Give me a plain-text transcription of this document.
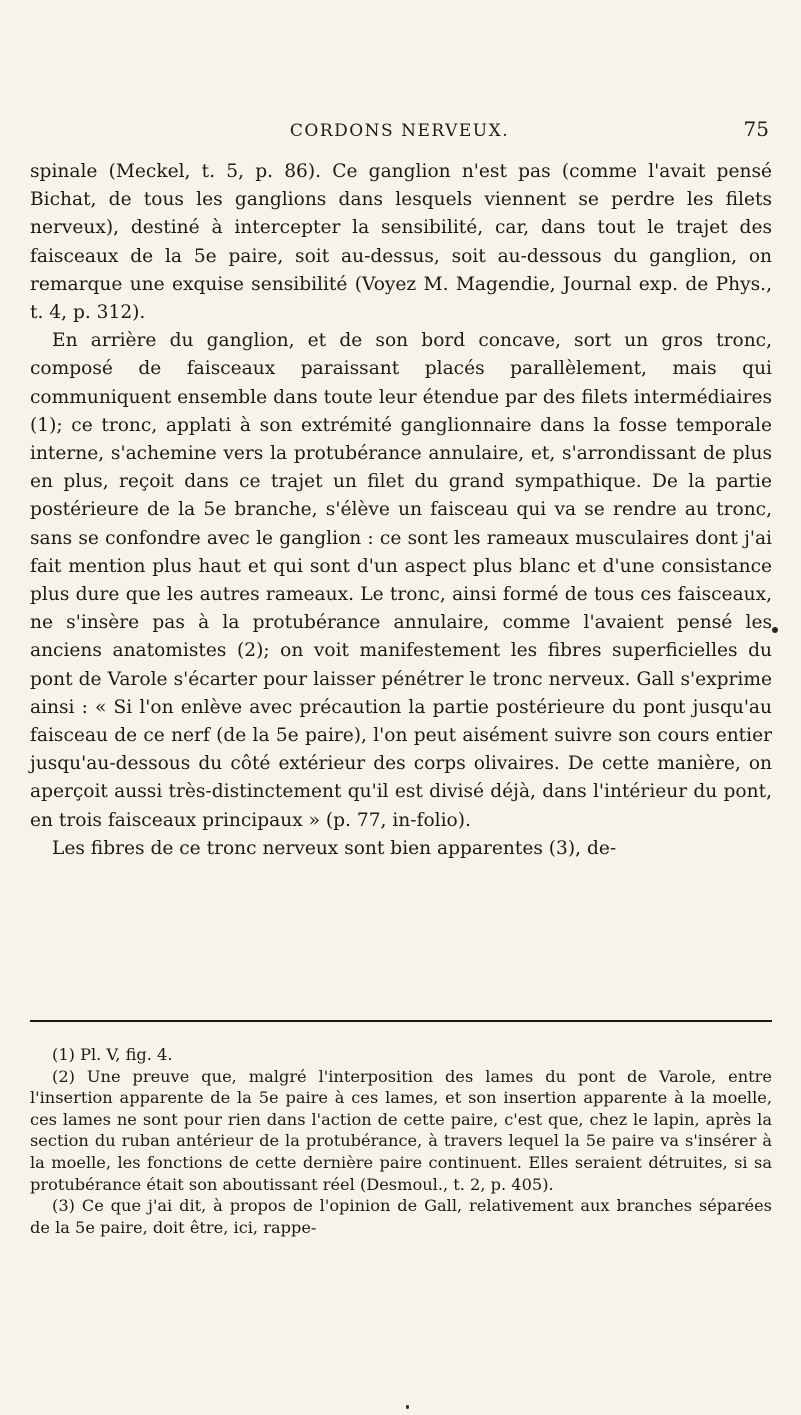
CORDONS NERVEUX.	75

spinale (Meckel, t. 5, p. 86). Ce ganglion n'est pas (comme l'avait pensé Bichat, de tous les ganglions dans lesquels viennent se perdre les filets nerveux), destiné à intercepter la sensibilité, car, dans tout le trajet des faisceaux de la 5e paire, soit au-dessus, soit au-dessous du ganglion, on remarque une exquise sensibilité (Voyez M. Magendie, Journal exp. de Phys., t. 4, p. 312).

En arrière du ganglion, et de son bord concave, sort un gros tronc, composé de faisceaux paraissant placés parallèlement, mais qui communiquent ensemble dans toute leur étendue par des filets intermédiaires (1); ce tronc, applati à son extrémité ganglionnaire dans la fosse temporale interne, s'achemine vers la protubérance annulaire, et, s'arrondissant de plus en plus, reçoit dans ce trajet un filet du grand sympathique. De la partie postérieure de la 5e branche, s'élève un faisceau qui va se rendre au tronc, sans se confondre avec le ganglion : ce sont les rameaux musculaires dont j'ai fait mention plus haut et qui sont d'un aspect plus blanc et d'une consistance plus dure que les autres rameaux. Le tronc, ainsi formé de tous ces faisceaux, ne s'insère pas à la protubérance annulaire, comme l'avaient pensé les anciens anatomistes (2); on voit manifestement les fibres superficielles du pont de Varole s'écarter pour laisser pénétrer le tronc nerveux. Gall s'exprime ainsi : « Si l'on enlève avec précaution la partie postérieure du pont jusqu'au faisceau de ce nerf (de la 5e paire), l'on peut aisément suivre son cours entier jusqu'au-dessous du côté extérieur des corps olivaires. De cette manière, on aperçoit aussi très-distinctement qu'il est divisé déjà, dans l'intérieur du pont, en trois faisceaux principaux » (p. 77, in-folio).

Les fibres de ce tronc nerveux sont bien apparentes (3), de-

(1) Pl. V, fig. 4.

(2) Une preuve que, malgré l'interposition des lames du pont de Varole, entre l'insertion apparente de la 5e paire à ces lames, et son insertion apparente à la moelle, ces lames ne sont pour rien dans l'action de cette paire, c'est que, chez le lapin, après la section du ruban antérieur de la protubérance, à travers lequel la 5e paire va s'insérer à la moelle, les fonctions de cette dernière paire continuent. Elles seraient détruites, si sa protubérance était son aboutissant réel (Desmoul., t. 2, p. 405).

(3) Ce que j'ai dit, à propos de l'opinion de Gall, relativement aux branches séparées de la 5e paire, doit être, ici, rappe-
